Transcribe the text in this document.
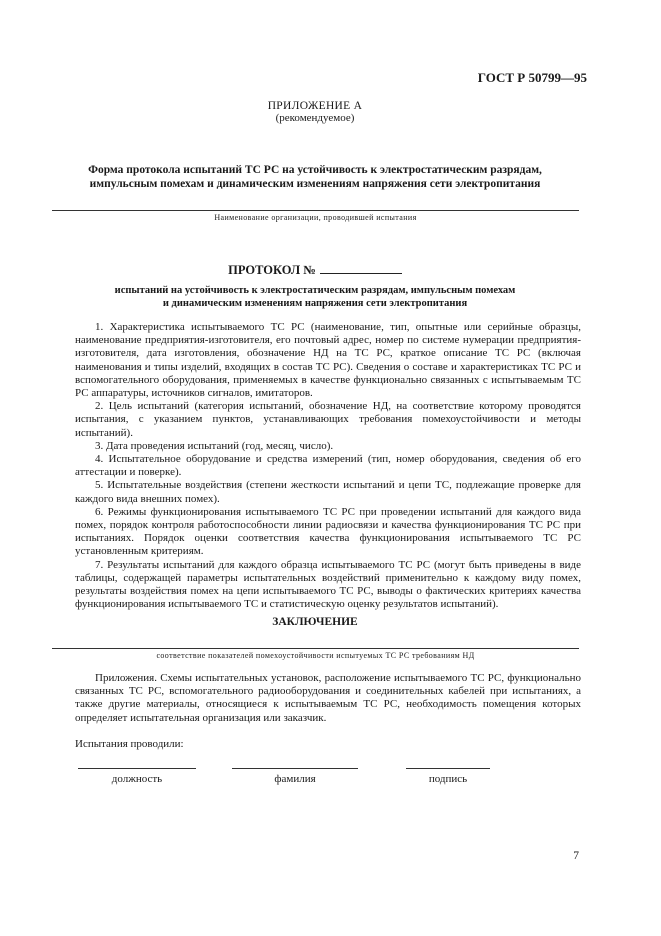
ГОСТ Р 50799—95
ПРИЛОЖЕНИЕ А
(рекомендуемое)
Форма протокола испытаний ТС РС на устойчивость к электростатическим разрядам,
импульсным помехам и динамическим изменениям напряжения сети электропитания
Наименование организации, проводившей испытания
ПРОТОКОЛ №
испытаний на устойчивость к электростатическим разрядам, импульсным помехам
и динамическим изменениям напряжения сети электропитания

1. Характеристика испытываемого ТС РС (наименование, тип, опытные или серийные образцы, наименование предприятия-изготовителя, его почтовый адрес, номер по системе нумерации предприятия-изготовителя, дата изготовления, обозначение НД на ТС РС, краткое описание ТС РС (включая наименования и типы изделий, входящих в состав ТС РС). Сведения о составе и характеристиках ТС РС и вспомогательного оборудования, применяемых в качестве функционально связанных с испытываемым ТС РС аппаратуры, источников сигналов, имитаторов.

2. Цель испытаний (категория испытаний, обозначение НД, на соответствие которому проводятся испытания, с указанием пунктов, устанавливающих требования помехоустойчивости и методы испытаний).

3. Дата проведения испытаний (год, месяц, число).

4. Испытательное оборудование и средства измерений (тип, номер оборудования, сведения об его аттестации и поверке).

5. Испытательные воздействия (степени жесткости испытаний и цепи ТС, подлежащие проверке для каждого вида внешних помех).

6. Режимы функционирования испытываемого ТС РС при проведении испытаний для каждого вида помех, порядок контроля работоспособности линии радиосвязи и качества функционирования ТС РС при испытаниях. Порядок оценки соответствия качества функционирования испытываемого ТС РС установленным критериям.

7. Результаты испытаний для каждого образца испытываемого ТС РС (могут быть приведены в виде таблицы, содержащей параметры испытательных воздействий применительно к каждому виду помех, результаты воздействия помех на цепи испытываемого ТС РС, выводы о фактических критериях качества функционирования испытываемого ТС и статистическую оценку результатов испытаний).

ЗАКЛЮЧЕНИЕ
соответствие показателей помехоустойчивости испытуемых ТС РС требованиям НД

Приложения. Схемы испытательных установок, расположение испытываемого ТС РС, функционально связанных ТС РС, вспомогательного радиооборудования и соединительных кабелей при испытаниях, а также другие материалы, относящиеся к испытываемым ТС РС, необходимость помещения которых определяет испытательная организация или заказчик.

Испытания проводили:
должность	фамилия	подпись
7
